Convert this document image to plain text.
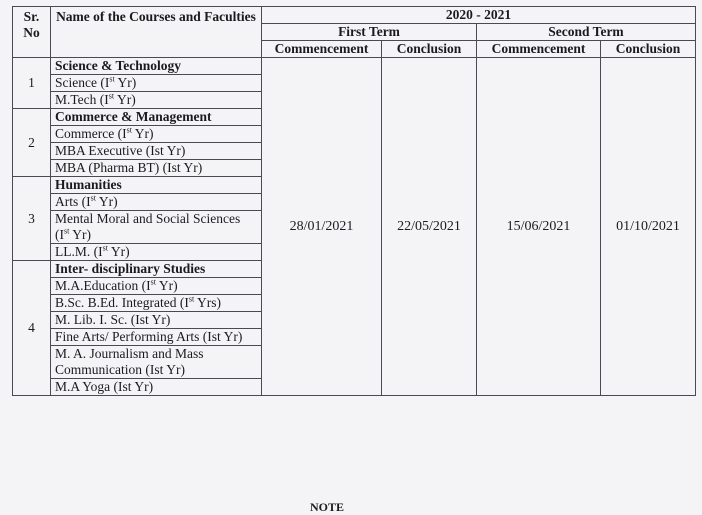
Sr. No	Name of the Courses and Faculties	2020 - 2021			
		First Term		Second Term	
		Commencement	Conclusion	Commencement	Conclusion
1	Science & Technology	28/01/2021	22/05/2021	15/06/2021	01/10/2021
	Science (Ist Yr)				
	M.Tech (Ist Yr)				
2	Commerce & Management				
	Commerce (Ist Yr)				
	MBA Executive (Ist Yr)				
	MBA (Pharma BT) (Ist Yr)				
3	Humanities				
	Arts (Ist Yr)				
	Mental Moral and Social Sciences (Ist Yr)				
	LL.M. (Ist Yr)				
4	Inter- disciplinary Studies				
	M.A.Education (Ist Yr)				
	B.Sc. B.Ed. Integrated (Ist Yrs)				
	M. Lib. I. Sc. (Ist Yr)				
	Fine Arts/ Performing Arts (Ist Yr)				
	M. A. Journalism and Mass Communication (Ist Yr)				
	M.A Yoga (Ist Yr)				
NOTE
